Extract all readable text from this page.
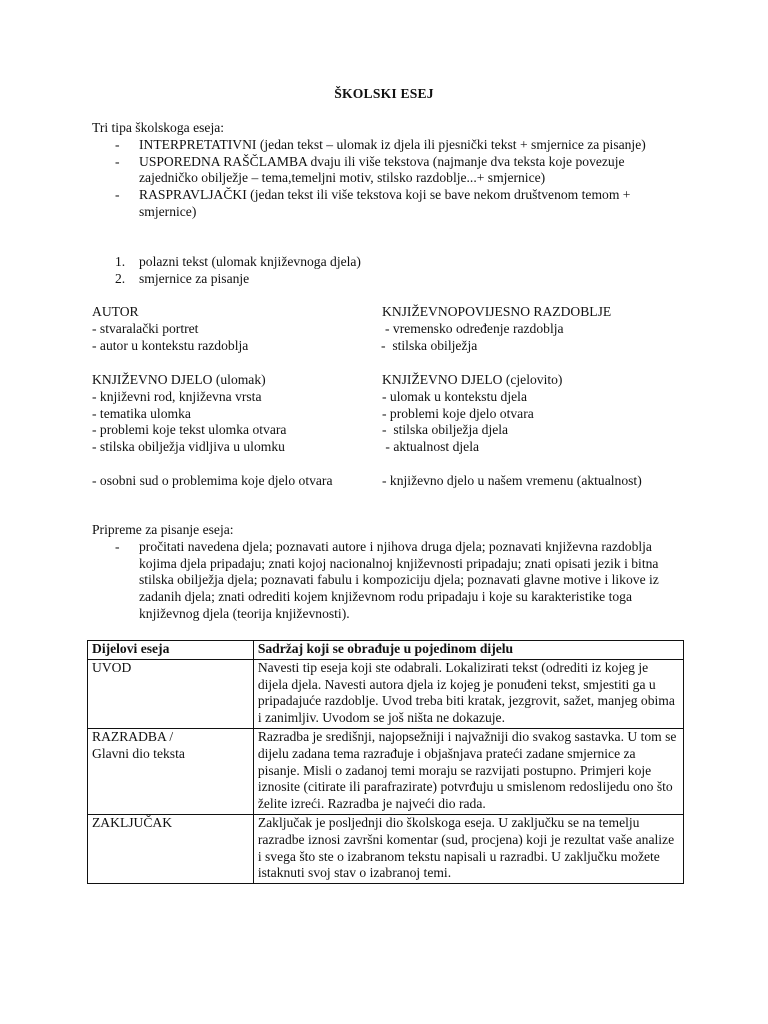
ŠKOLSKI ESEJ
Tri tipa školskoga eseja:
- INTERPRETATIVNI (jedan tekst – ulomak iz djela ili pjesnički tekst + smjernice za pisanje)
- USPOREDNA RAŠČLAMBA dvaju ili više tekstova (najmanje dva teksta koje povezuje zajedničko obilježje – tema,temeljni motiv, stilsko razdoblje...+ smjernice)
- RASPRAVLJAČKI (jedan tekst ili više tekstova koji se bave nekom društvenom temom + smjernice)
1. polazni tekst (ulomak književnoga djela)
2. smjernice za pisanje
AUTOR	KNJIŽEVNOPOVIJESNO RAZDOBLJE
- stvaralački portret	- vremensko određenje razdoblja
- autor u kontekstu razdoblja	-  stilska obilježja
KNJIŽEVNO DJELO (ulomak)	KNJIŽEVNO DJELO (cjelovito)
- književni rod, književna vrsta	- ulomak u kontekstu djela
- tematika ulomka	- problemi koje djelo otvara
- problemi koje tekst ulomka otvara	-  stilska obilježja djela
- stilska obilježja vidljiva u ulomku	- aktualnost djela
- osobni sud o problemima koje djelo otvara	- književno djelo u našem vremenu (aktualnost)
Pripreme za pisanje eseja:
- pročitati navedena djela; poznavati autore i njihova druga djela; poznavati književna razdoblja kojima djela pripadaju; znati kojoj nacionalnoj književnosti pripadaju; znati opisati jezik i bitna stilska obilježja djela; poznavati fabulu i kompoziciju djela; poznavati glavne motive i likove iz zadanih djela; znati odrediti kojem književnom rodu pripadaju i koje su karakteristike toga književnog djela (teorija književnosti).
Dijelovi eseja	Sadržaj koji se obrađuje u pojedinom dijelu

UVOD	Navesti tip eseja koji ste odabrali. Lokalizirati tekst (odrediti iz kojeg je dijela djela. Navesti autora djela iz kojeg je ponuđeni tekst, smjestiti ga u pripadajuće razdoblje. Uvod treba biti kratak, jezgrovit, sažet, manjeg obima i zanimljiv. Uvodom se još ništa ne dokazuje.

RAZRADBA /
Glavni dio teksta	Razradba je središnji, najopsežniji i najvažniji dio svakog sastavka. U tom se dijelu zadana tema razrađuje i objašnjava prateći zadane smjernice za pisanje. Misli o zadanoj temi moraju se razvijati postupno. Primjeri koje iznosite (citirate ili parafrazirate) potvrđuju u smislenom redoslijedu ono što želite izreći. Razradba je najveći dio rada.

ZAKLJUČAK	Zaključak je posljednji dio školskoga eseja. U zaključku se na temelju razradbe iznosi završni komentar (sud, procjena) koji je rezultat vaše analize i svega što ste o izabranom tekstu napisali u razradbi. U zaključku možete istaknuti svoj stav o izabranoj temi.
